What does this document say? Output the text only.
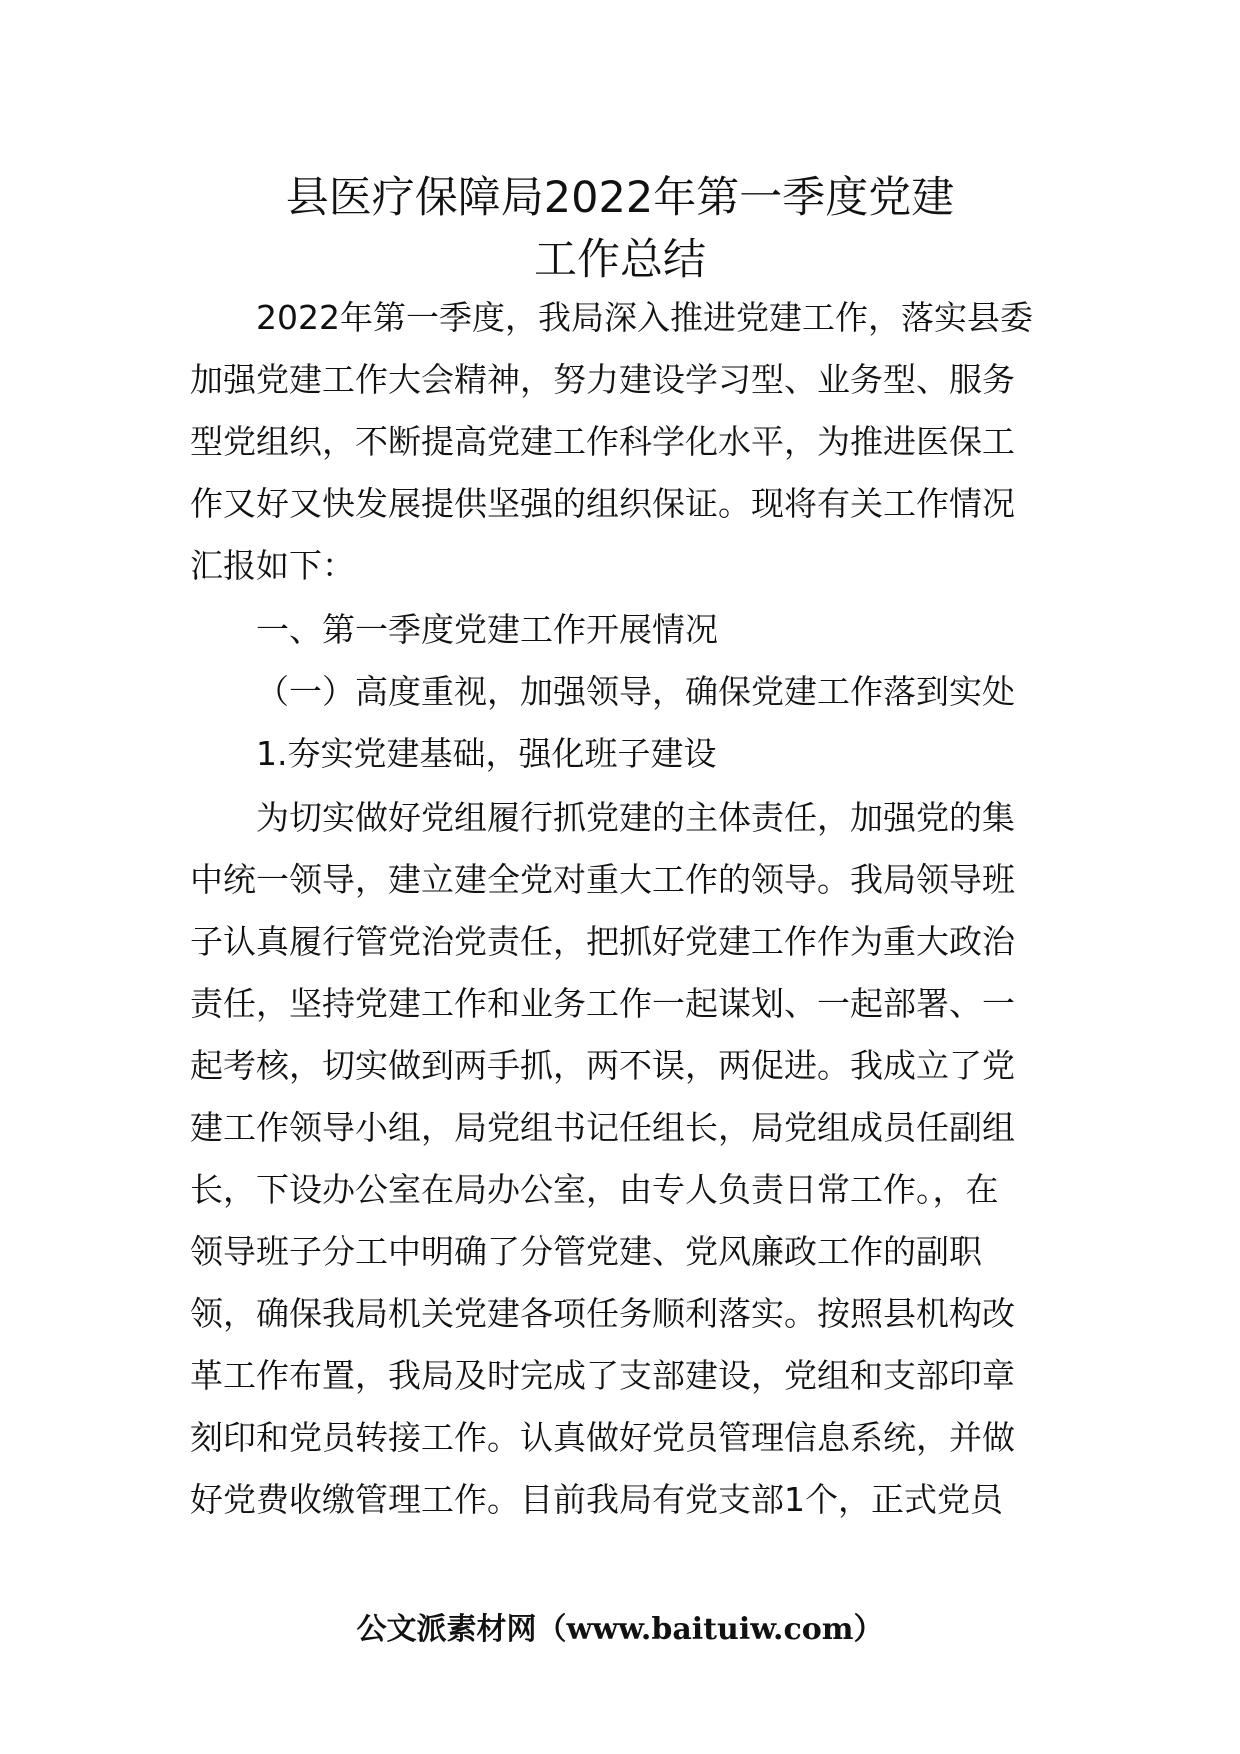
县医疗保障局2022年第一季度党建
工作总结
2022年第一季度，我局深入推进党建工作，落实县委
加强党建工作大会精神，努力建设学习型、业务型、服务
型党组织，不断提高党建工作科学化水平，为推进医保工
作又好又快发展提供坚强的组织保证。现将有关工作情况
汇报如下：
一、第一季度党建工作开展情况
（一）高度重视，加强领导，确保党建工作落到实处
1.夯实党建基础，强化班子建设
为切实做好党组履行抓党建的主体责任，加强党的集
中统一领导，建立建全党对重大工作的领导。我局领导班
子认真履行管党治党责任，把抓好党建工作作为重大政治
责任，坚持党建工作和业务工作一起谋划、一起部署、一
起考核，切实做到两手抓，两不误，两促进。我成立了党
建工作领导小组，局党组书记任组长，局党组成员任副组
长，下设办公室在局办公室，由专人负责日常工作。，在
领导班子分工中明确了分管党建、党风廉政工作的副职
领，确保我局机关党建各项任务顺利落实。按照县机构改
革工作布置，我局及时完成了支部建设，党组和支部印章
刻印和党员转接工作。认真做好党员管理信息系统，并做
好党费收缴管理工作。目前我局有党支部1个，正式党员
公文派素材网（www.baituiw.com）
